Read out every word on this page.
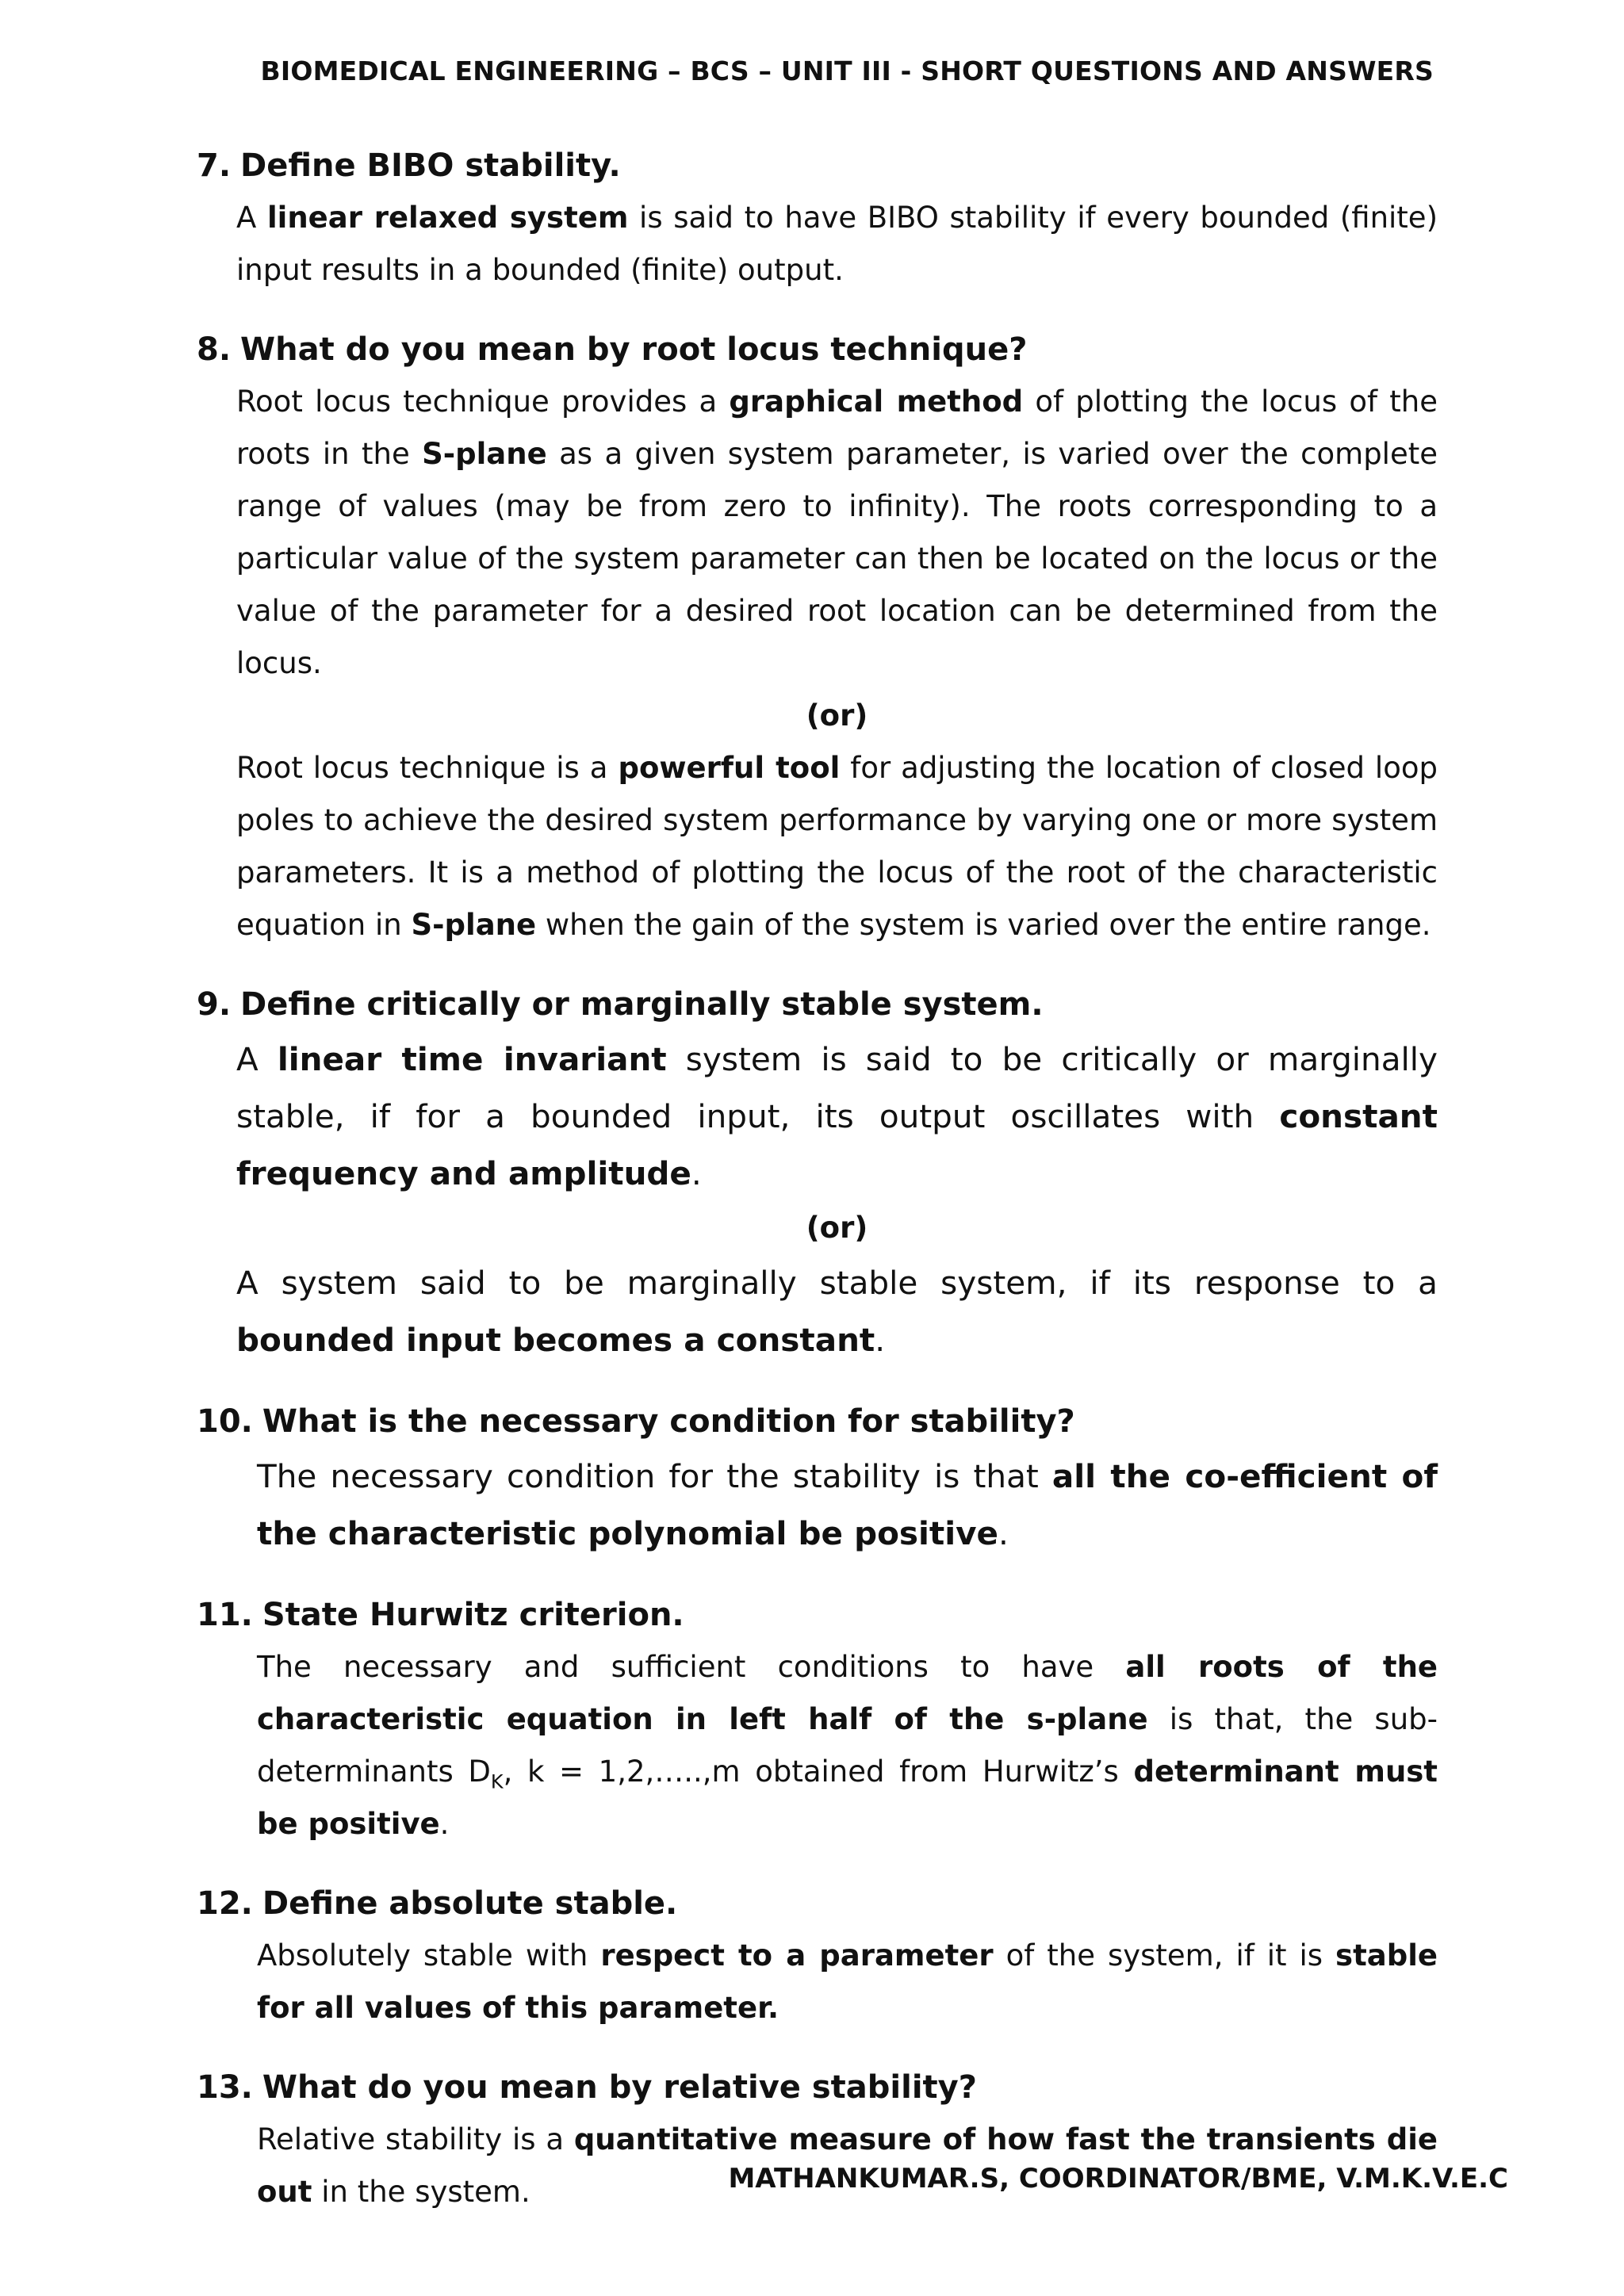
BIOMEDICAL ENGINEERING – BCS – UNIT III - SHORT QUESTIONS AND ANSWERS
7. Define BIBO stability.
A linear relaxed system is said to have BIBO stability if every bounded (finite) input results in a bounded (finite) output.
8. What do you mean by root locus technique?
Root locus technique provides a graphical method of plotting the locus of the roots in the S-plane as a given system parameter, is varied over the complete range of values (may be from zero to infinity). The roots corresponding to a particular value of the system parameter can then be located on the locus or the value of the parameter for a desired root location can be determined from the locus.
(or)
Root locus technique is a powerful tool for adjusting the location of closed loop poles to achieve the desired system performance by varying one or more system parameters. It is a method of plotting the locus of the root of the characteristic equation in S-plane when the gain of the system is varied over the entire range.
9. Define critically or marginally stable system.
A linear time invariant system is said to be critically or marginally stable, if for a bounded input, its output oscillates with constant frequency and amplitude.
(or)
A system said to be marginally stable system, if its response to a bounded input becomes a constant.
10. What is the necessary condition for stability?
The necessary condition for the stability is that all the co-efficient of the characteristic polynomial be positive.
11. State Hurwitz criterion.
The necessary and sufficient conditions to have all roots of the characteristic equation in left half of the s-plane is that, the sub-determinants $D_K$, k = 1,2,…..,m obtained from Hurwitz’s determinant must be positive.
12. Define absolute stable.
Absolutely stable with respect to a parameter of the system, if it is stable for all values of this parameter.
13. What do you mean by relative stability?
Relative stability is a quantitative measure of how fast the transients die out in the system.	MATHANKUMAR.S, COORDINATOR/BME, V.M.K.V.E.C
